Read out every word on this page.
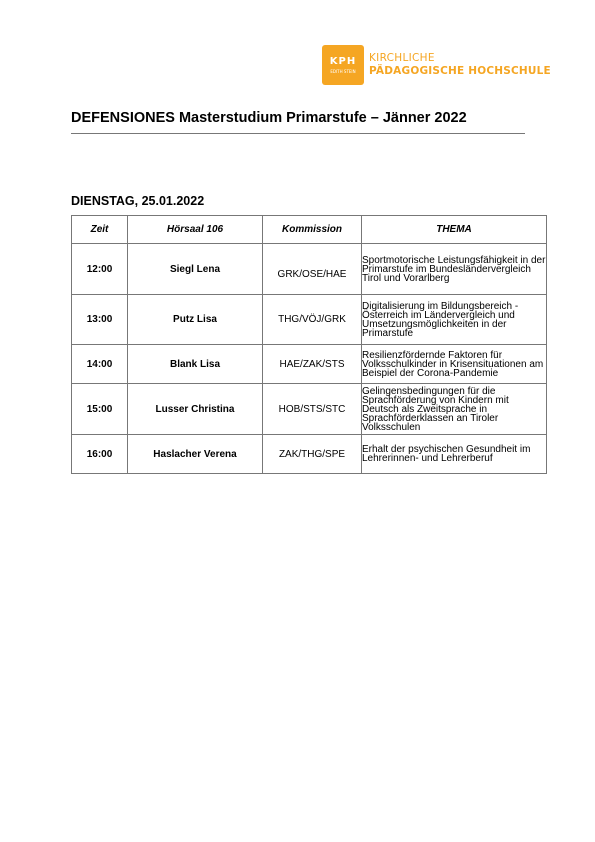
KPH
EDITH STEIN
KIRCHLICHE
PÄDAGOGISCHE HOCHSCHULE
DEFENSIONES Masterstudium Primarstufe – Jänner 2022
DIENSTAG, 25.01.2022
Zeit	Hörsaal 106	Kommission	THEMA
12:00	Siegl Lena	GRK/OSE/HAE	Sportmotorische Leistungsfähigkeit in der Primarstufe im Bundesländervergleich Tirol und Vorarlberg
13:00	Putz Lisa	THG/VÖJ/GRK	Digitalisierung im Bildungsbereich - Österreich im Ländervergleich und Umsetzungsmöglichkeiten in der Primarstufe
14:00	Blank Lisa	HAE/ZAK/STS	Resilienzfördernde Faktoren für Volksschulkinder in Krisensituationen am Beispiel der Corona-Pandemie
15:00	Lusser Christina	HOB/STS/STC	Gelingensbedingungen für die Sprachförderung von Kindern mit Deutsch als Zweitsprache in Sprachförderklassen an Tiroler Volksschulen
16:00	Haslacher Verena	ZAK/THG/SPE	Erhalt der psychischen Gesundheit im Lehrerinnen- und Lehrerberuf
